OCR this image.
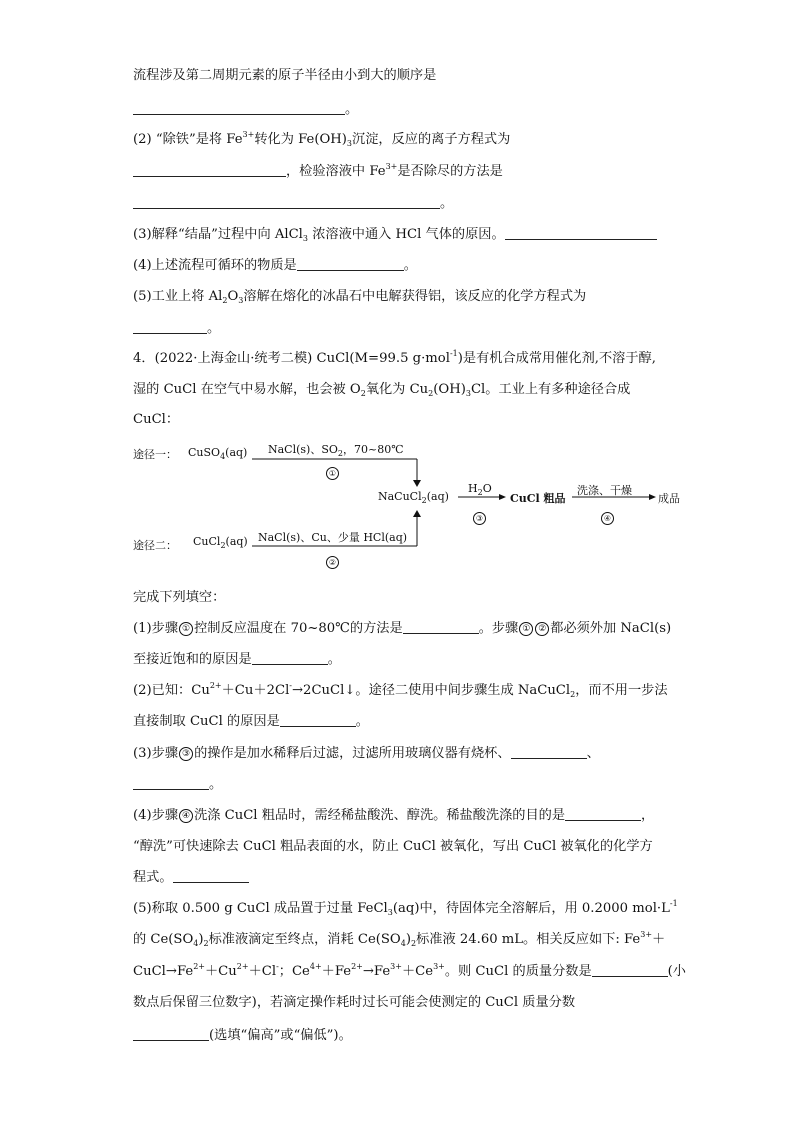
流程涉及第二周期元素的原子半径由小到大的顺序是
。
(2) “除铁”是将 $Fe^{3+}$转化为 $Fe(OH)_3$沉淀，反应的离子方程式为
，检验溶液中 $Fe^{3+}$是否除尽的方法是
。
(3)解释“结晶”过程中向 AlCl$_3$ 浓溶液中通入 HCl 气体的原因。
(4)上述流程可循环的物质是	。
(5)工业上将 $Al_2O_3$溶解在熔化的冰晶石中电解获得铝，该反应的化学方程式为
。
4．(2022·上海金山·统考二模) CuCl(M=99.5 g·mol$^{-1}$)是有机合成常用催化剂,不溶于醇,
湿的 CuCl 在空气中易水解，也会被 $O_2$氧化为 $Cu_2(OH)_3Cl$。工业上有多种途径合成
CuCl：
途径一： CuSO$_4$(aq) NaCl(s)、$SO_2$，70~80℃
①
途径二： CuCl$_2$(aq) NaCl(s)、Cu、少量 HCl(aq)
②
NaCuCl$_2$(aq)
$H_2O$
③
CuCl 粗品
洗涤、干燥
④
成品
完成下列填空：
(1)步骤 ① 控制反应温度在 70~80℃的方法是	。步骤 ① ② 都必须外加 NaCl(s)
至接近饱和的原因是	。
(2)已知：$Cu^{2+}+Cu+2Cl^-\to 2CuCl↓$。途径二使用中间步骤生成 NaCuCl$_2$，而不用一步法
直接制取 CuCl 的原因是	。
(3)步骤 ③ 的操作是加水稀释后过滤，过滤所用玻璃仪器有烧杯、	、
。
(4)步骤 ④ 洗涤 CuCl 粗品时，需经稀盐酸洗、醇洗。稀盐酸洗涤的目的是	，
“醇洗”可快速除去 CuCl 粗品表面的水，防止 CuCl 被氧化，写出 CuCl 被氧化的化学方
程式。
(5)称取 0.500 g CuCl 成品置于过量 FeCl$_3$(aq)中，待固体完全溶解后，用 0.2000 $mol\cdot L^{-1}$
的 $Ce(SO_4)_2$标准液滴定至终点，消耗 $Ce(SO_4)_2$标准液 24.60 mL。相关反应如下: $Fe^{3+}+$
$CuCl\to Fe^{2+}+Cu^{2+}+Cl^-$；$Ce^{4+}+Fe^{2+}\to Fe^{3+}+Ce^{3+}$。则 CuCl 的质量分数是	(小
数点后保留三位数字)，若滴定操作耗时过长可能会使测定的 CuCl 质量分数
(选填“偏高”或“偏低”)。
